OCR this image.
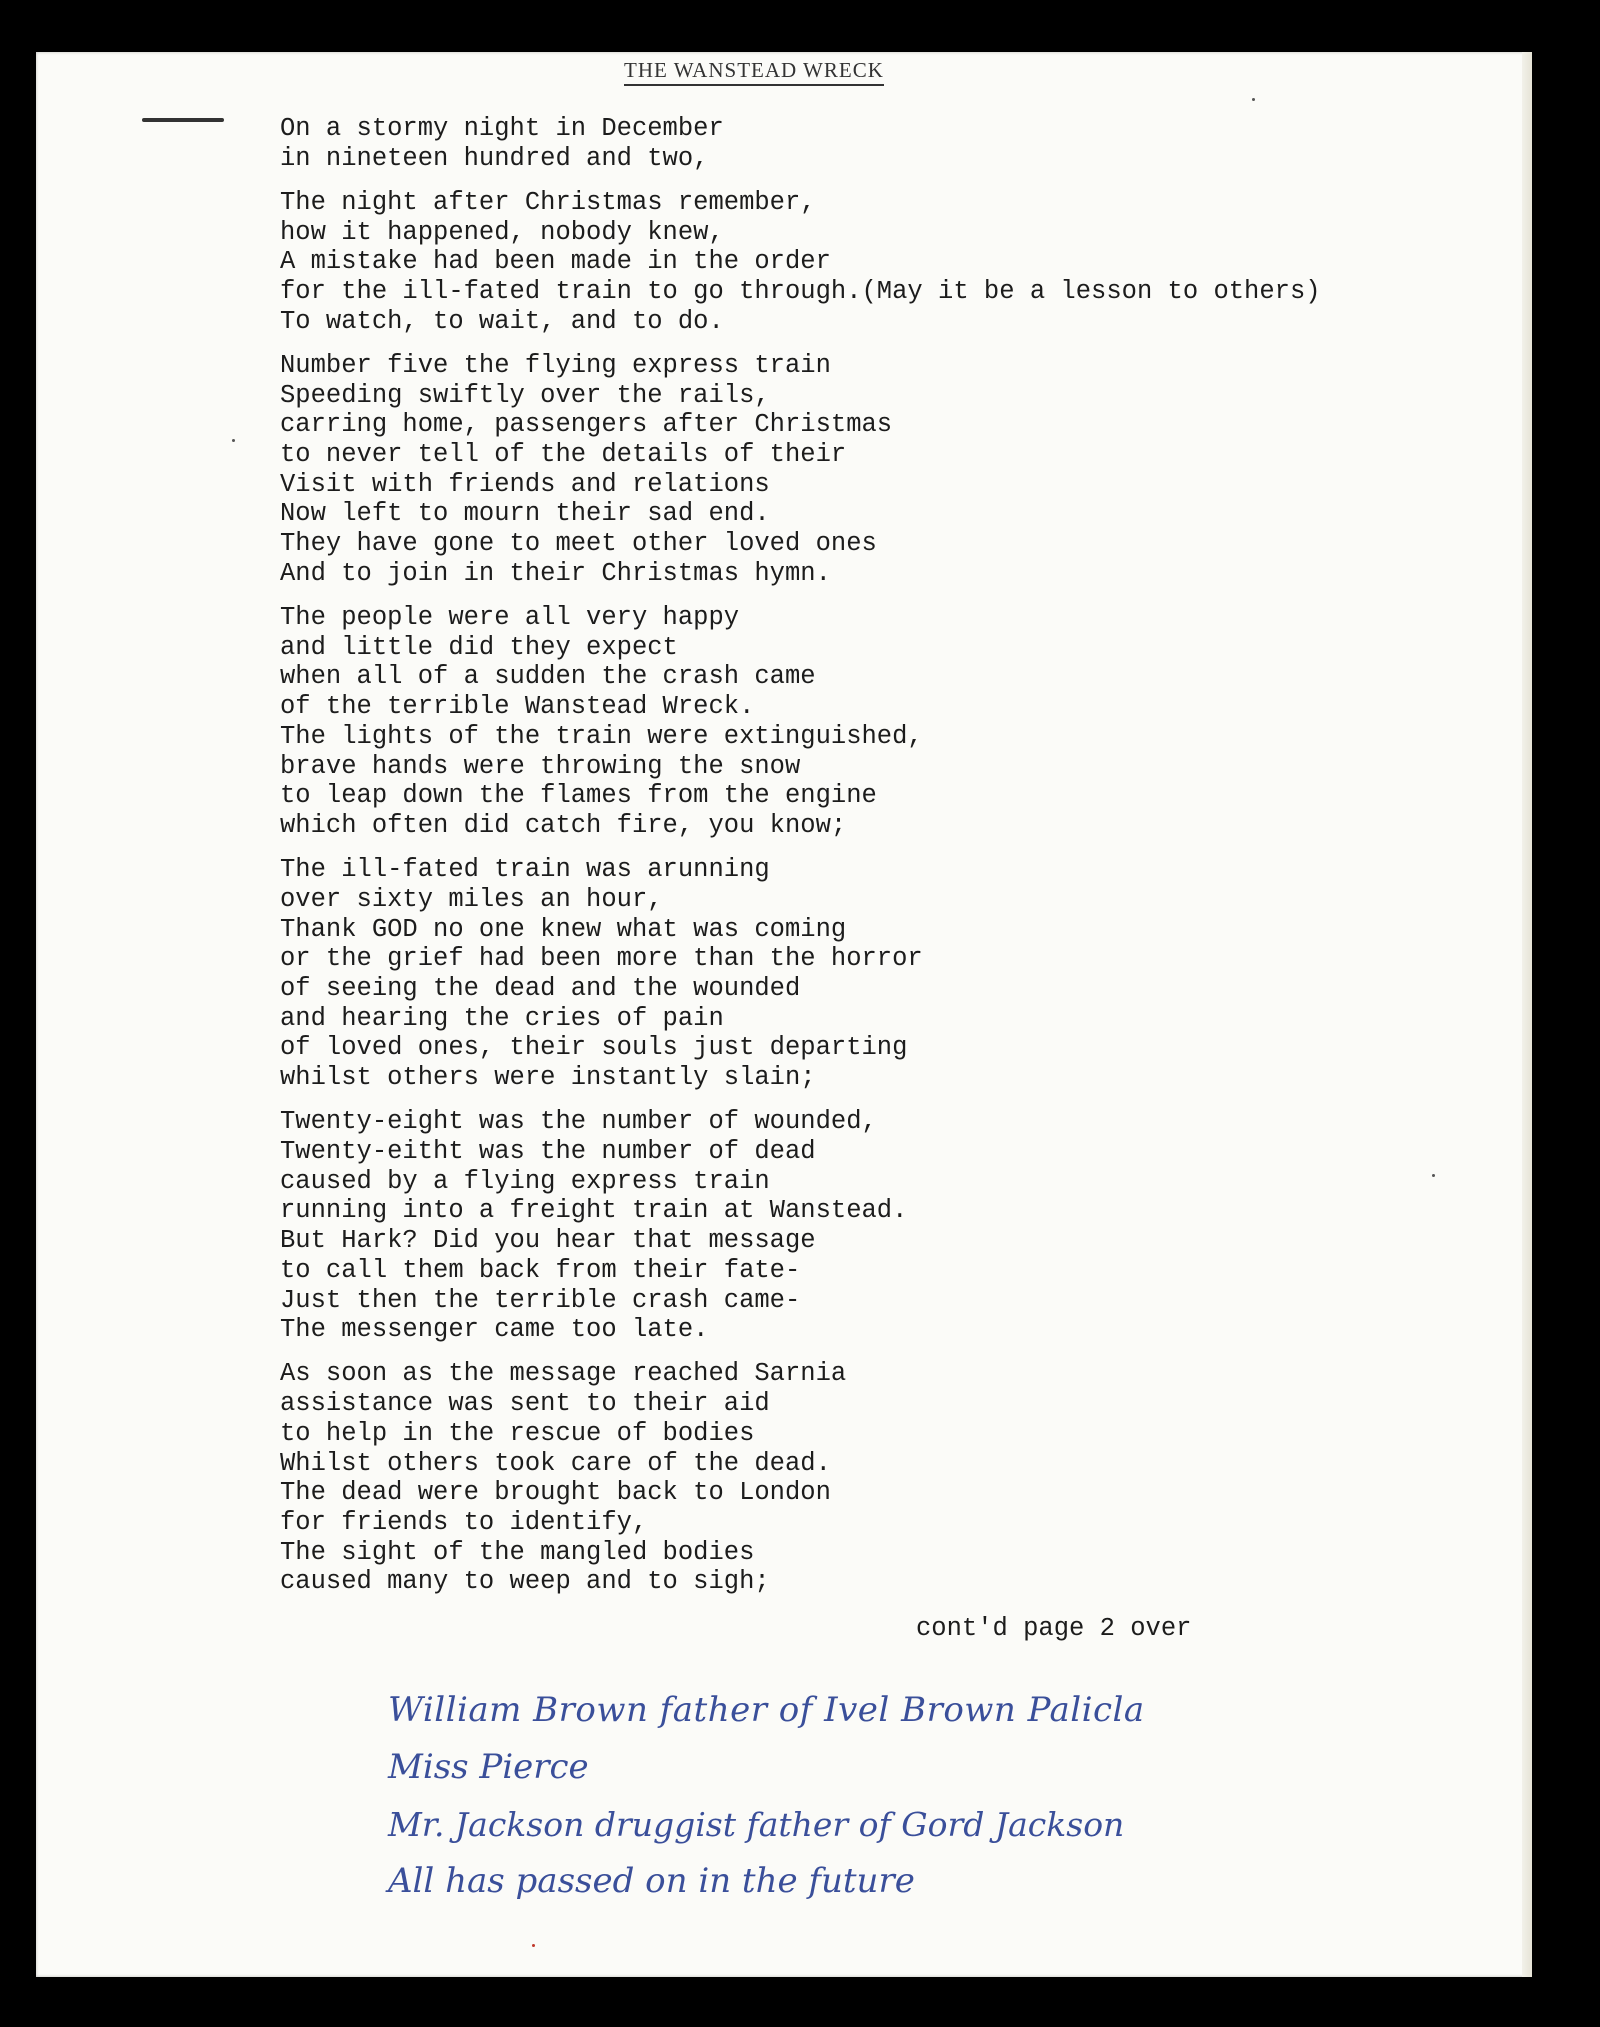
THE WANSTEAD WRECK
On a stormy night in December
in nineteen hundred and two,
The night after Christmas remember,
how it happened, nobody knew,
A mistake had been made in the order
for the ill-fated train to go through.(May it be a lesson to others)
To watch, to wait, and to do.
Number five the flying express train
Speeding swiftly over the rails,
carring home, passengers after Christmas
to never tell of the details of their
Visit with friends and relations
Now left to mourn their sad end.
They have gone to meet other loved ones
And to join in their Christmas hymn.
The people were all very happy
and little did they expect
when all of a sudden the crash came
of the terrible Wanstead Wreck.
The lights of the train were extinguished,
brave hands were throwing the snow
to leap down the flames from the engine
which often did catch fire, you know;
The ill-fated train was arunning
over sixty miles an hour,
Thank GOD no one knew what was coming
or the grief had been more than the horror
of seeing the dead and the wounded
and hearing the cries of pain
of loved ones, their souls just departing
whilst others were instantly slain;
Twenty-eight was the number of wounded,
Twenty-eitht was the number of dead
caused by a flying express train
running into a freight train at Wanstead.
But Hark? Did you hear that message
to call them back from their fate-
Just then the terrible crash came-
The messenger came too late.
As soon as the message reached Sarnia
assistance was sent to their aid
to help in the rescue of bodies
Whilst others took care of the dead.
The dead were brought back to London
for friends to identify,
The sight of the mangled bodies
caused many to weep and to sigh;
cont'd page 2 over
William Brown father of Ivel Brown Palicla
Miss Pierce
Mr. Jackson druggist father of Gord Jackson
All has passed on in the future
